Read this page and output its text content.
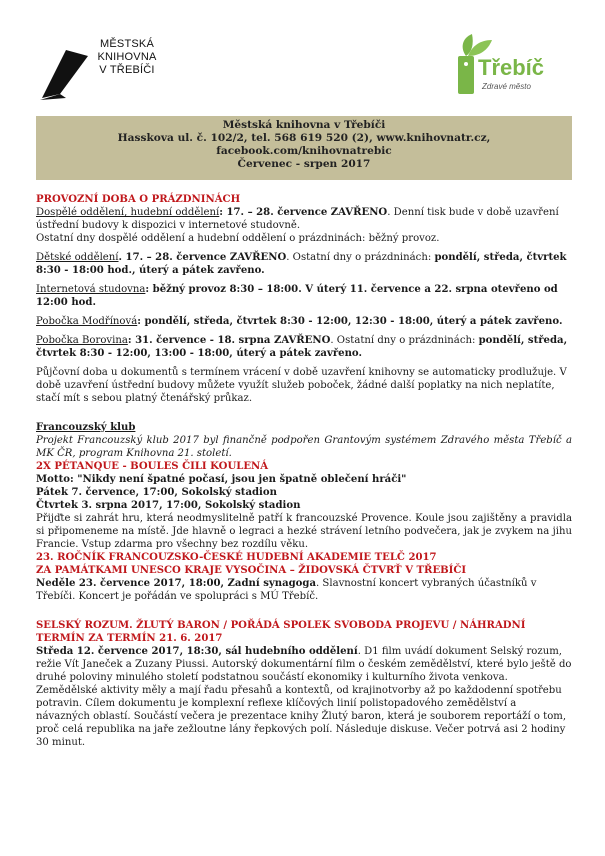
MĚSTSKÁ
KNIHOVNA
V TŘEBÍČI	Třebíč
Zdravé město
Městská knihovna v Třebíči
Hasskova ul. č. 102/2, tel. 568 619 520 (2), www.knihovnatr.cz,
facebook.com/knihovnatrebic
Červenec - srpen 2017

PROVOZNÍ DOBA O PRÁZDNINÁCH

Dospělé oddělení, hudební oddělení: 17. – 28. července ZAVŘENO. Denní tisk bude v době uzavření ústřední budovy k dispozici v internetové studovně.

Ostatní dny dospělé oddělení a hudební oddělení o prázdninách: běžný provoz.

Dětské oddělení. 17. – 28. července ZAVŘENO. Ostatní dny o prázdninách: pondělí, středa, čtvrtek 8:30 - 18:00 hod., úterý a pátek zavřeno.

Internetová studovna: běžný provoz 8:30 – 18:00. V úterý 11. července a 22. srpna otevřeno od 12:00 hod.

Pobočka Modřínová: pondělí, středa, čtvrtek 8:30 - 12:00, 12:30 - 18:00, úterý a pátek zavřeno.

Pobočka Borovina: 31. července - 18. srpna ZAVŘENO. Ostatní dny o prázdninách: pondělí, středa, čtvrtek 8:30 - 12:00, 13:00 - 18:00, úterý a pátek zavřeno.

Půjčovní doba u dokumentů s termínem vrácení v době uzavření knihovny se automaticky prodlužuje. V době uzavření ústřední budovy můžete využít služeb poboček, žádné další poplatky na nich neplatíte, stačí mít s sebou platný čtenářský průkaz.

Francouzský klub

Projekt Francouzský klub 2017 byl finančně podpořen Grantovým systémem Zdravého města Třebíč a MK ČR, program Knihovna 21. století.

2X PÉTANQUE - BOULES ČILI KOULENÁ

Motto: "Nikdy není špatné počasí, jsou jen špatně oblečení hráči"

Pátek 7. července, 17:00, Sokolský stadion

Čtvrtek 3. srpna 2017, 17:00, Sokolský stadion

Přijďte si zahrát hru, která neodmyslitelně patří k francouzské Provence. Koule jsou zajištěny a pravidla si připomeneme na místě. Jde hlavně o legraci a hezké strávení letního podvečera, jak je zvykem na jihu Francie. Vstup zdarma pro všechny bez rozdílu věku.

23. ROČNÍK FRANCOUZSKO-ČESKÉ HUDEBNÍ AKADEMIE TELČ 2017

ZA PAMÁTKAMI UNESCO KRAJE VYSOČINA – ŽIDOVSKÁ ČTVRŤ V TŘEBÍČI

Neděle 23. července 2017, 18:00, Zadní synagoga. Slavnostní koncert vybraných účastníků v Třebíči. Koncert je pořádán ve spolupráci s MÚ Třebíč.

SELSKÝ ROZUM. ŽLUTÝ BARON / POŘÁDÁ SPOLEK SVOBODA PROJEVU / NÁHRADNÍ TERMÍN ZA TERMÍN 21. 6. 2017

Středa 12. července 2017, 18:30, sál hudebního oddělení. D1 film uvádí dokument Selský rozum, režie Vít Janeček a Zuzany Piussi. Autorský dokumentární film o českém zemědělství, které bylo ještě do druhé poloviny minulého století podstatnou součástí ekonomiky i kulturního života venkova. Zemědělské aktivity měly a mají řadu přesahů a kontextů, od krajinotvorby až po každodenní spotřebu potravin. Cílem dokumentu je komplexní reflexe klíčových linií polistopadového zemědělství a návazných oblastí. Součástí večera je prezentace knihy Žlutý baron, která je souborem reportáží o tom, proč celá republika na jaře zežloutne lány řepkových polí. Následuje diskuse. Večer potrvá asi 2 hodiny 30 minut.
